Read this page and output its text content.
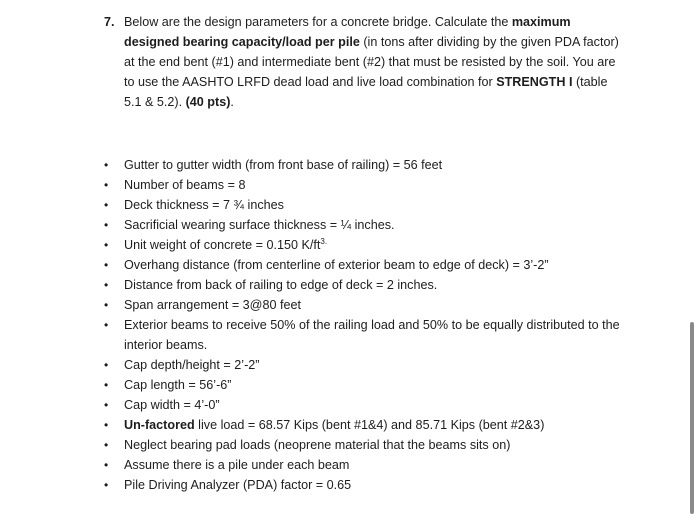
7. Below are the design parameters for a concrete bridge. Calculate the maximum designed bearing capacity/load per pile (in tons after dividing by the given PDA factor) at the end bent (#1) and intermediate bent (#2) that must be resisted by the soil. You are to use the AASHTO LRFD dead load and live load combination for STRENGTH I (table 5.1 & 5.2). (40 pts).
•	Gutter to gutter width (from front base of railing) = 56 feet
•	Number of beams = 8
•	Deck thickness = 7 ¾ inches
•	Sacrificial wearing surface thickness = ¼ inches.
•	Unit weight of concrete = 0.150 $K/ft^{3.}$
•	Overhang distance (from centerline of exterior beam to edge of deck) = 3’-2”
•	Distance from back of railing to edge of deck = 2 inches.
•	Span arrangement = 3@80 feet
•	Exterior beams to receive 50% of the railing load and 50% to be equally distributed to the interior beams.
•	Cap depth/height = 2’-2”
•	Cap length = 56’-6”
•	Cap width = 4’-0”
•	Un-factored live load = 68.57 Kips (bent #1&4) and 85.71 Kips (bent #2&3)
•	Neglect bearing pad loads (neoprene material that the beams sits on)
•	Assume there is a pile under each beam
•	Pile Driving Analyzer (PDA) factor = 0.65
